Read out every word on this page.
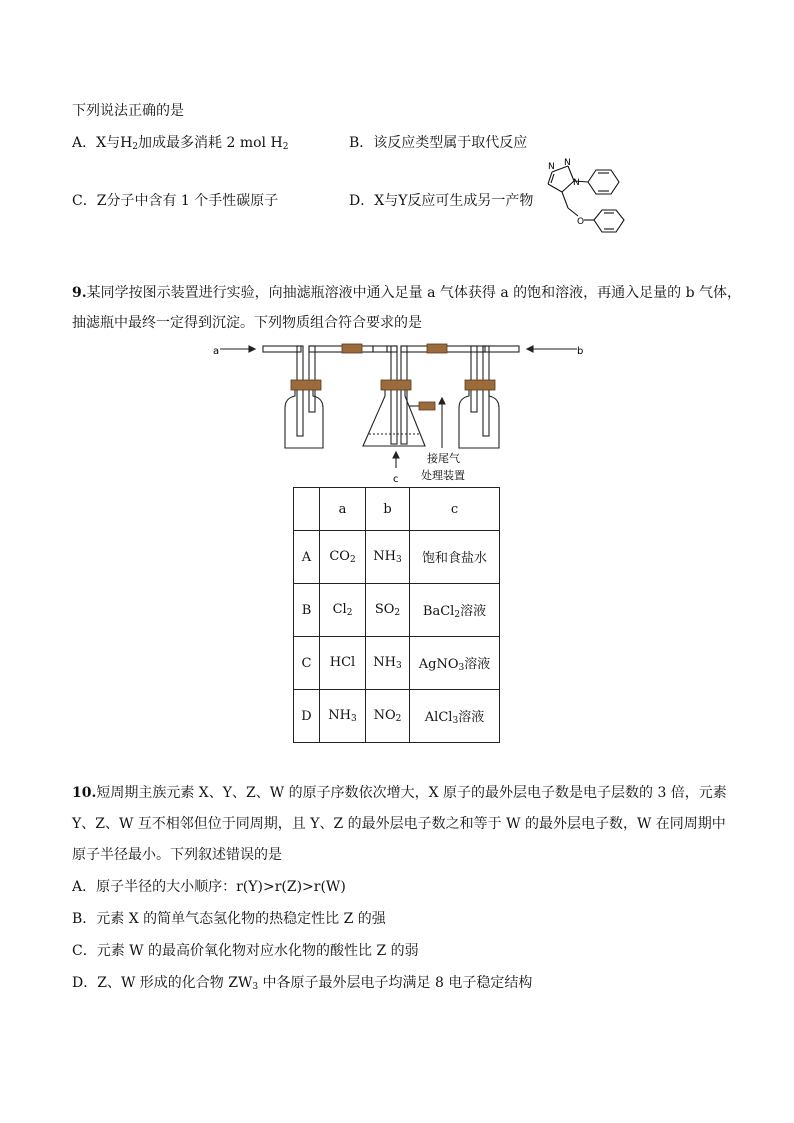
下列说法正确的是
A．X与$H_2$加成最多消耗 2 mol $H_2$	B．该反应类型属于取代反应
C．Z分子中含有 1 个手性碳原子	D．X与Y反应可生成另一产物
N N
N
O
9.某同学按图示装置进行实验，向抽滤瓶溶液中通入足量 a 气体获得 a 的饱和溶液，再通入足量的 b 气体，
抽滤瓶中最终一定得到沉淀。下列物质组合符合要求的是
a	b
c
接尾气
处理装置
	a	b	c
A	$CO_2$	$NH_3$	饱和食盐水
B	$Cl_2$	$SO_2$	BaCl$_2$溶液
C	HCl	$NH_3$	AgNO$_3$溶液
D	$NH_3$	$NO_2$	AlCl$_3$溶液
10.短周期主族元素 X、Y、Z、W 的原子序数依次增大，X 原子的最外层电子数是电子层数的 3 倍，元素
Y、Z、W 互不相邻但位于同周期，且 Y、Z 的最外层电子数之和等于 W 的最外层电子数，W 在同周期中
原子半径最小。下列叙述错误的是
A．原子半径的大小顺序：r(Y)>r(Z)>r(W)
B．元素 X 的简单气态氢化物的热稳定性比 Z 的强
C．元素 W 的最高价氧化物对应水化物的酸性比 Z 的弱
D．Z、W 形成的化合物 $ZW_3$ 中各原子最外层电子均满足 8 电子稳定结构
